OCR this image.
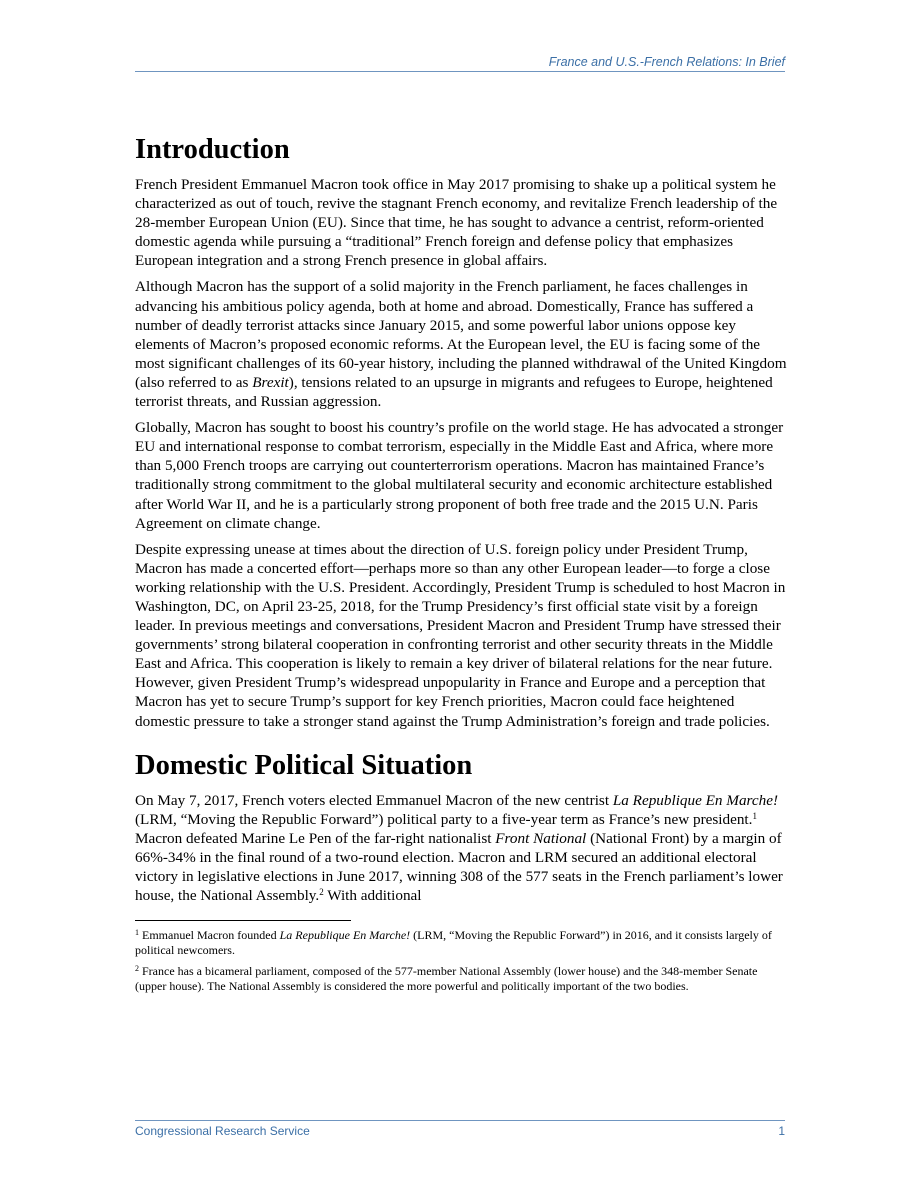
France and U.S.-French Relations: In Brief
Introduction

French President Emmanuel Macron took office in May 2017 promising to shake up a political system he characterized as out of touch, revive the stagnant French economy, and revitalize French leadership of the 28-member European Union (EU). Since that time, he has sought to advance a centrist, reform-oriented domestic agenda while pursuing a “traditional” French foreign and defense policy that emphasizes European integration and a strong French presence in global affairs.

Although Macron has the support of a solid majority in the French parliament, he faces challenges in advancing his ambitious policy agenda, both at home and abroad. Domestically, France has suffered a number of deadly terrorist attacks since January 2015, and some powerful labor unions oppose key elements of Macron’s proposed economic reforms. At the European level, the EU is facing some of the most significant challenges of its 60-year history, including the planned withdrawal of the United Kingdom (also referred to as Brexit), tensions related to an upsurge in migrants and refugees to Europe, heightened terrorist threats, and Russian aggression.

Globally, Macron has sought to boost his country’s profile on the world stage. He has advocated a stronger EU and international response to combat terrorism, especially in the Middle East and Africa, where more than 5,000 French troops are carrying out counterterrorism operations. Macron has maintained France’s traditionally strong commitment to the global multilateral security and economic architecture established after World War II, and he is a particularly strong proponent of both free trade and the 2015 U.N. Paris Agreement on climate change.

Despite expressing unease at times about the direction of U.S. foreign policy under President Trump, Macron has made a concerted effort—perhaps more so than any other European leader—to forge a close working relationship with the U.S. President. Accordingly, President Trump is scheduled to host Macron in Washington, DC, on April 23-25, 2018, for the Trump Presidency’s first official state visit by a foreign leader. In previous meetings and conversations, President Macron and President Trump have stressed their governments’ strong bilateral cooperation in confronting terrorist and other security threats in the Middle East and Africa. This cooperation is likely to remain a key driver of bilateral relations for the near future. However, given President Trump’s widespread unpopularity in France and Europe and a perception that Macron has yet to secure Trump’s support for key French priorities, Macron could face heightened domestic pressure to take a stronger stand against the Trump Administration’s foreign and trade policies.

Domestic Political Situation

On May 7, 2017, French voters elected Emmanuel Macron of the new centrist La Republique En Marche! (LRM, “Moving the Republic Forward”) political party to a five-year term as France’s new president.$^1$ Macron defeated Marine Le Pen of the far-right nationalist Front National (National Front) by a margin of 66%-34% in the final round of a two-round election. Macron and LRM secured an additional electoral victory in legislative elections in June 2017, winning 308 of the 577 seats in the French parliament’s lower house, the National Assembly.$^2$ With additional

$^1$ Emmanuel Macron founded La Republique En Marche! (LRM, “Moving the Republic Forward”) in 2016, and it consists largely of political newcomers.

$^2$ France has a bicameral parliament, composed of the 577-member National Assembly (lower house) and the 348-member Senate (upper house). The National Assembly is considered the more powerful and politically important of the two bodies.

Congressional Research Service	1
